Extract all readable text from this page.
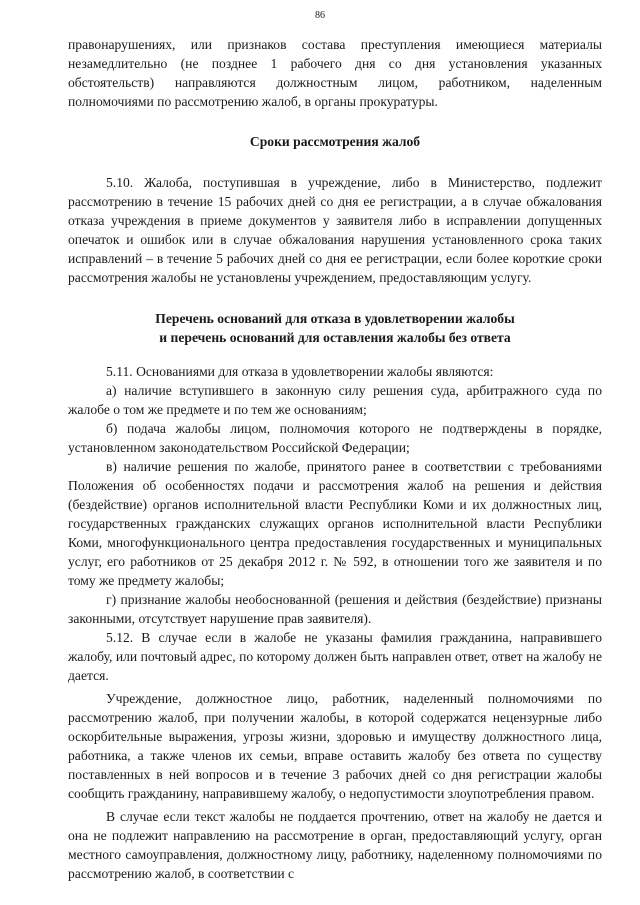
86

правонарушениях, или признаков состава преступления имеющиеся материалы незамедлительно (не позднее 1 рабочего дня со дня установления указанных обстоятельств) направляются должностным лицом, работником, наделенным полномочиями по рассмотрению жалоб, в органы прокуратуры.

Сроки рассмотрения жалоб

5.10. Жалоба, поступившая в учреждение, либо в Министерство, подлежит рассмотрению в течение 15 рабочих дней со дня ее регистрации, а в случае обжалования отказа учреждения в приеме документов у заявителя либо в исправлении допущенных опечаток и ошибок или в случае обжалования нарушения установленного срока таких исправлений – в течение 5 рабочих дней со дня ее регистрации, если более короткие сроки рассмотрения жалобы не установлены учреждением, предоставляющим услугу.

Перечень оснований для отказа в удовлетворении жалобы
и перечень оснований для оставления жалобы без ответа

5.11. Основаниями для отказа в удовлетворении жалобы являются:

а) наличие вступившего в законную силу решения суда, арбитражного суда по жалобе о том же предмете и по тем же основаниям;

б) подача жалобы лицом, полномочия которого не подтверждены в порядке, установленном законодательством Российской Федерации;

в) наличие решения по жалобе, принятого ранее в соответствии с требованиями Положения об особенностях подачи и рассмотрения жалоб на решения и действия (бездействие) органов исполнительной власти Республики Коми и их должностных лиц, государственных гражданских служащих органов исполнительной власти Республики Коми, многофункционального центра предоставления государственных и муниципальных услуг, его работников от 25 декабря 2012 г. № 592, в отношении того же заявителя и по тому же предмету жалобы;

г) признание жалобы необоснованной (решения и действия (бездействие) признаны законными, отсутствует нарушение прав заявителя).

5.12. В случае если в жалобе не указаны фамилия гражданина, направившего жалобу, или почтовый адрес, по которому должен быть направлен ответ, ответ на жалобу не дается.

Учреждение, должностное лицо, работник, наделенный полномочиями по рассмотрению жалоб, при получении жалобы, в которой содержатся нецензурные либо оскорбительные выражения, угрозы жизни, здоровью и имуществу должностного лица, работника, а также членов их семьи, вправе оставить жалобу без ответа по существу поставленных в ней вопросов и в течение 3 рабочих дней со дня регистрации жалобы сообщить гражданину, направившему жалобу, о недопустимости злоупотребления правом.

В случае если текст жалобы не поддается прочтению, ответ на жалобу не дается и она не подлежит направлению на рассмотрение в орган, предоставляющий услугу, орган местного самоуправления, должностному лицу, работнику, наделенному полномочиями по рассмотрению жалоб, в соответствии с
